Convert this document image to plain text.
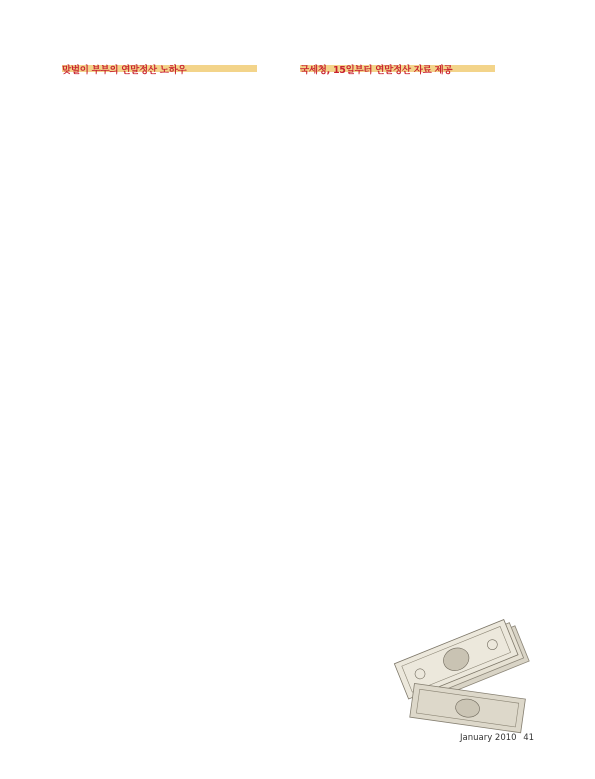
맞벌이 부부의 연말정산 노하우	국세청, 15일부터 연말정산 자료 제공
January 2010 41
